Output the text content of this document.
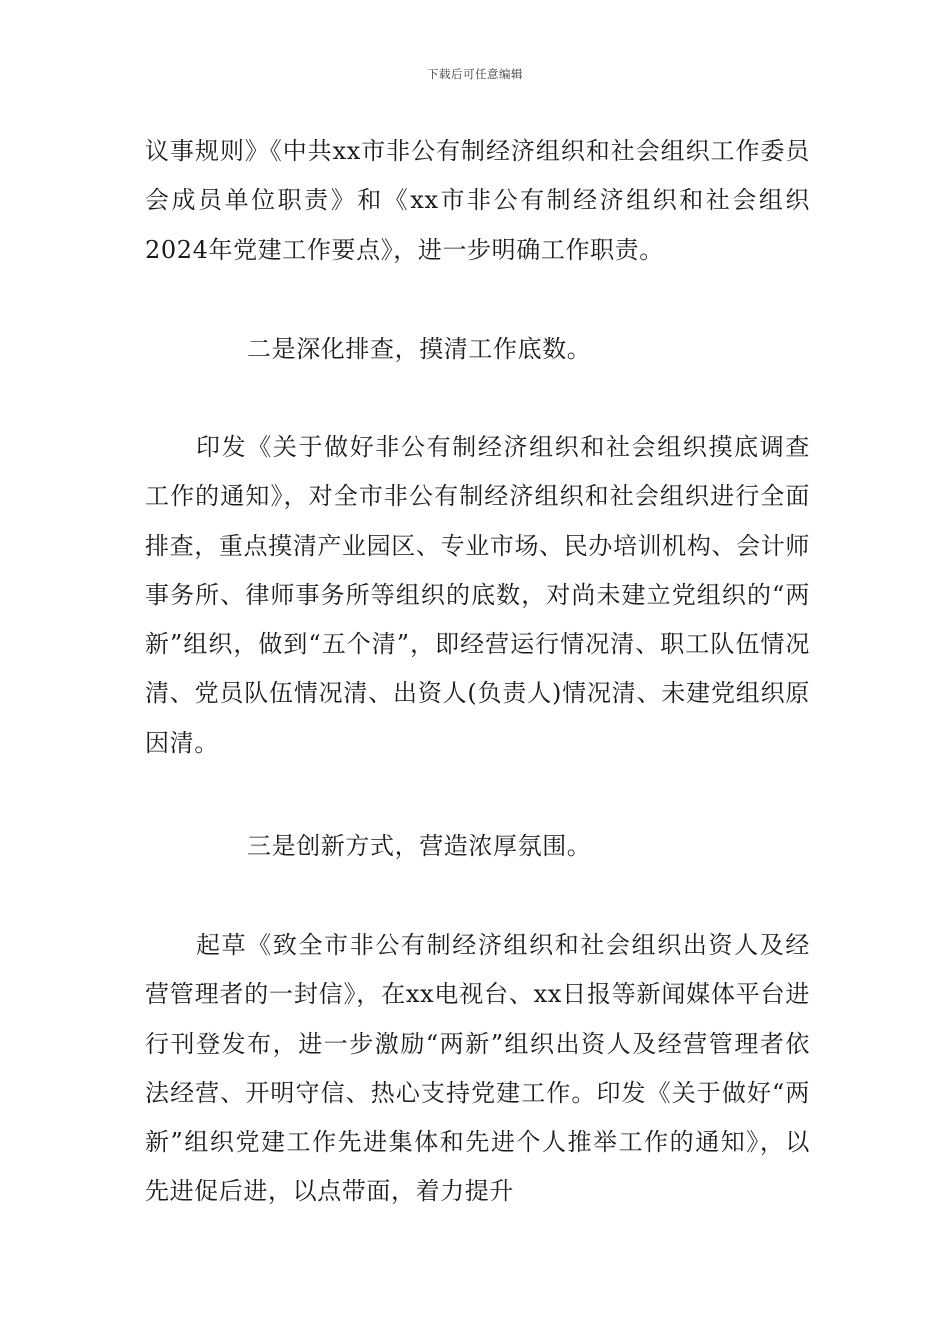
下载后可任意编辑

议事规则》《中共xx市非公有制经济组织和社会组织工作委员会成员单位职责》和《xx市非公有制经济组织和社会组织2024年党建工作要点》，进一步明确工作职责。

二是深化排查，摸清工作底数。

印发《关于做好非公有制经济组织和社会组织摸底调查工作的通知》，对全市非公有制经济组织和社会组织进行全面排查，重点摸清产业园区、专业市场、民办培训机构、会计师事务所、律师事务所等组织的底数，对尚未建立党组织的“两新”组织，做到“五个清”，即经营运行情况清、职工队伍情况清、党员队伍情况清、出资人(负责人)情况清、未建党组织原因清。

三是创新方式，营造浓厚氛围。

起草《致全市非公有制经济组织和社会组织出资人及经营管理者的一封信》，在xx电视台、xx日报等新闻媒体平台进行刊登发布，进一步激励“两新”组织出资人及经营管理者依法经营、开明守信、热心支持党建工作。印发《关于做好“两新”组织党建工作先进集体和先进个人推举工作的通知》，以先进促后进，以点带面，着力提升
